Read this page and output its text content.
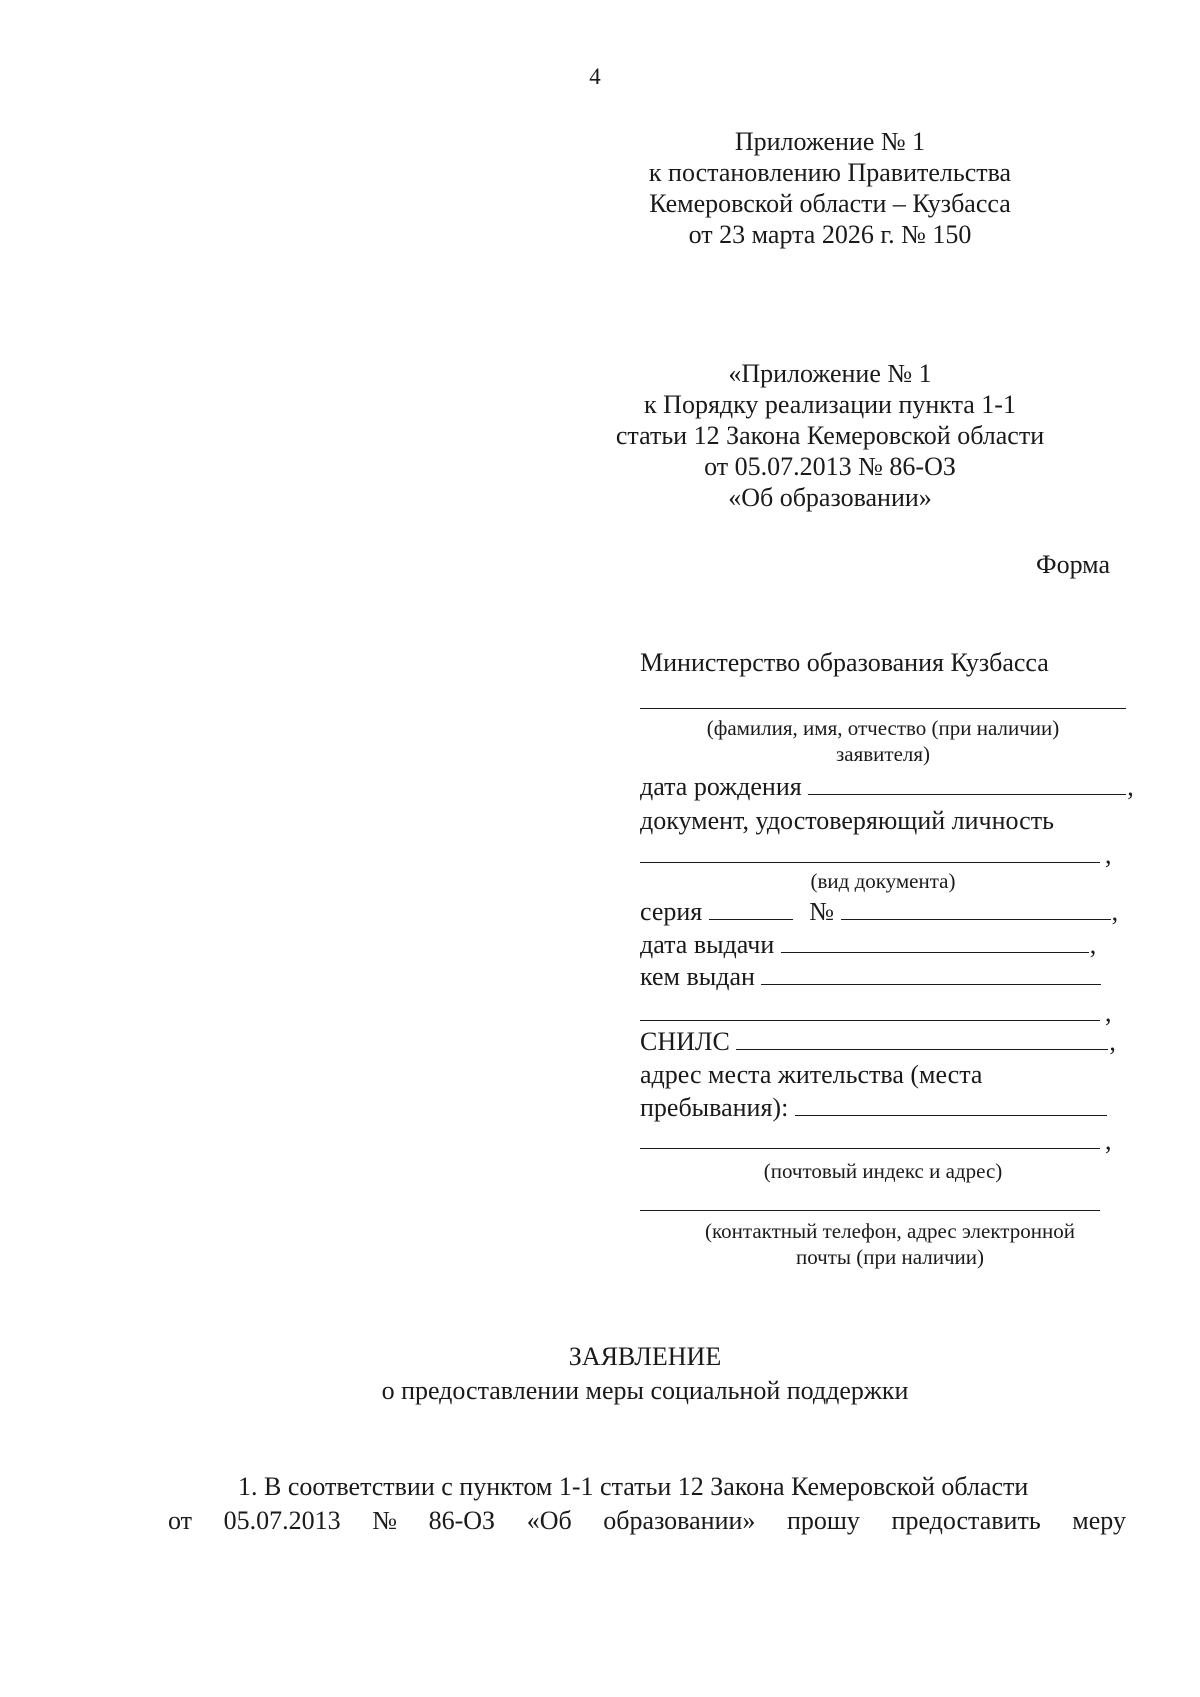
4
Приложение № 1
к постановлению Правительства
Кемеровской области – Кузбасса
от 23 марта 2026 г. № 150
«Приложение № 1
к Порядку реализации пункта 1-1
статьи 12 Закона Кемеровской области
от 05.07.2013 № 86-ОЗ
«Об образовании»
Форма
Министерство образования Кузбасса
(фамилия, имя, отчество (при наличии)
заявителя)
дата рождения	,
документ, удостоверяющий личность
,
(вид документа)
серия	№	,
дата выдачи	,
кем выдан
,
СНИЛС	,
адрес места жительства (места
пребывания):
,
(почтовый индекс и адрес)
(контактный телефон, адрес электронной
почты (при наличии)
ЗАЯВЛЕНИЕ
о предоставлении меры социальной поддержки
1. В соответствии с пунктом 1-1 статьи 12 Закона Кемеровской области
от 05.07.2013 № 86-ОЗ «Об образовании» прошу предоставить меру
